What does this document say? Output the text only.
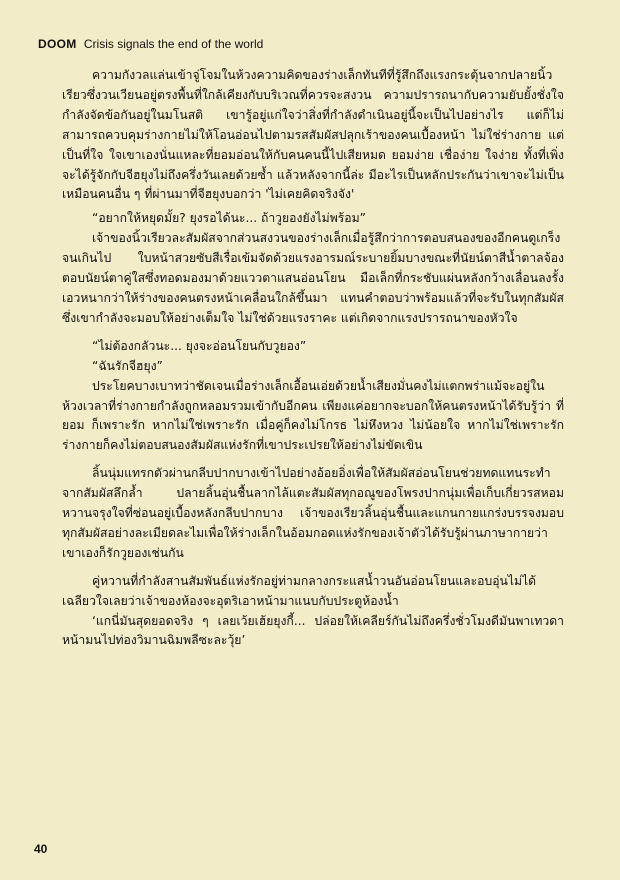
DOOM Crisis signals the end of the world

ความกังวลแล่นเข้าจู่โจมในห้วงความคิดของร่างเล็กทันทีที่รู้สึกถึงแรงกระตุ้นจากปลายนิ้วเรียวซึ่งวนเวียนอยู่ตรงพื้นที่ใกล้เคียงกับบริเวณที่ควรจะสงวน ความปรารถนากับความยับยั้งชั่งใจกำลังจัดข้อกันอยู่ในมโนสติ เขารู้อยู่แก่ใจว่าสิ่งที่กำลังดำเนินอยู่นี้จะเป็นไปอย่างไร แต่ก็ไม่สามารถควบคุมร่างกายไม่ให้โอนอ่อนไปตามรสสัมผัสปลุกเร้าของคนเบื้องหน้า ไม่ใช่ร่างกาย แต่เป็นที่ใจ ใจเขาเองนั่นแหละที่ยอมอ่อนให้กับคนคนนี้ไปเสียหมด ยอมง่าย เชื่อง่าย ใจง่าย ทั้งที่เพิ่งจะได้รู้จักกับจีฮยุงไม่ถึงครึ่งวันเลยด้วยซ้ำ แล้วหลังจากนี้ล่ะ มีอะไรเป็นหลักประกันว่าเขาจะไม่เป็นเหมือนคนอื่น ๆ ที่ผ่านมาที่จีฮยุงบอกว่า 'ไม่เคยคิดจริงจัง'

“อยากให้หยุดมั้ย? ยุงรอได้นะ... ถ้าวูยองยังไม่พร้อม”

เจ้าของนิ้วเรียวละสัมผัสจากส่วนสงวนของร่างเล็กเมื่อรู้สึกว่าการตอบสนองของอีกคนดูเกร็งจนเกินไป ใบหน้าสวยซับสีเรื่อเข้มจัดด้วยแรงอารมณ์ระบายยิ้มบางขณะที่นัยน์ตาสีน้ำตาลจ้องตอบนัยน์ตาคู่ใสซึ่งทอดมองมาด้วยแววตาแสนอ่อนโยน มือเล็กที่กระชับแผ่นหลังกว้างเลื่อนลงรั้งเอวหนากว่าให้ร่างของคนตรงหน้าเคลื่อนใกล้ขึ้นมา แทนคำตอบว่าพร้อมแล้วที่จะรับในทุกสัมผัสซึ่งเขากำลังจะมอบให้อย่างเต็มใจ ไม่ใช่ด้วยแรงราคะ แต่เกิดจากแรงปรารถนาของหัวใจ

“ไม่ต้องกลัวนะ... ยุงจะอ่อนโยนกับวูยอง”

“ฉันรักจีฮยุง”

ประโยคบางเบาทว่าชัดเจนเมื่อร่างเล็กเอื้อนเอ่ยด้วยน้ำเสียงมั่นคงไม่แตกพร่าแม้จะอยู่ในห้วงเวลาที่ร่างกายกำลังถูกหลอมรวมเข้ากับอีกคน เพียงแค่อยากจะบอกให้คนตรงหน้าได้รับรู้ว่า ที่ยอม ก็เพราะรัก หากไม่ใช่เพราะรัก เมื่อคู่ก็คงไม่โกรธ ไม่หึงหวง ไม่น้อยใจ หากไม่ใช่เพราะรัก ร่างกายก็คงไม่ตอบสนองสัมผัสแห่งรักที่เขาประเปรยให้อย่างไม่ขัดเขิน

ลิ้นนุ่มแทรกตัวผ่านกลีบปากบางเข้าไปอย่างอ้อยอิ่งเพื่อให้สัมผัสอ่อนโยนช่วยทดแทนระทำจากสัมผัสลึกล้ำ ปลายลิ้นอุ่นชื้นลากไล้แตะสัมผัสทุกอณูของโพรงปากนุ่มเพื่อเก็บเกี่ยวรสหอมหวานจรุงใจที่ซ่อนอยู่เบื้องหลังกลีบปากบาง เจ้าของเรียวลิ้นอุ่นชื้นและแกนกายแกร่งบรรจงมอบทุกสัมผัสอย่างละเมียดละไมเพื่อให้ร่างเล็กในอ้อมกอดแห่งรักของเจ้าตัวได้รับรู้ผ่านภาษากายว่า เขาเองก็รักวูยองเช่นกัน

คู่หวานที่กำลังสานสัมพันธ์แห่งรักอยู่ท่ามกลางกระแสน้ำวนอันอ่อนโยนและอบอุ่นไม่ได้เฉลียวใจเลยว่าเจ้าของห้องจะอุตริเอาหน้ามาแนบกับประตูห้องน้ำ

‘แกนี่มันสุดยอดจริง ๆ เลยเว้ยเฮ้ยยุงกี้... ปล่อยให้เคลียร์กันไม่ถึงครึ่งชั่วโมงดีมันพาเทวดาหน้ามนไปท่องวิมานฉิมพลีซะละวุ้ย’

40
